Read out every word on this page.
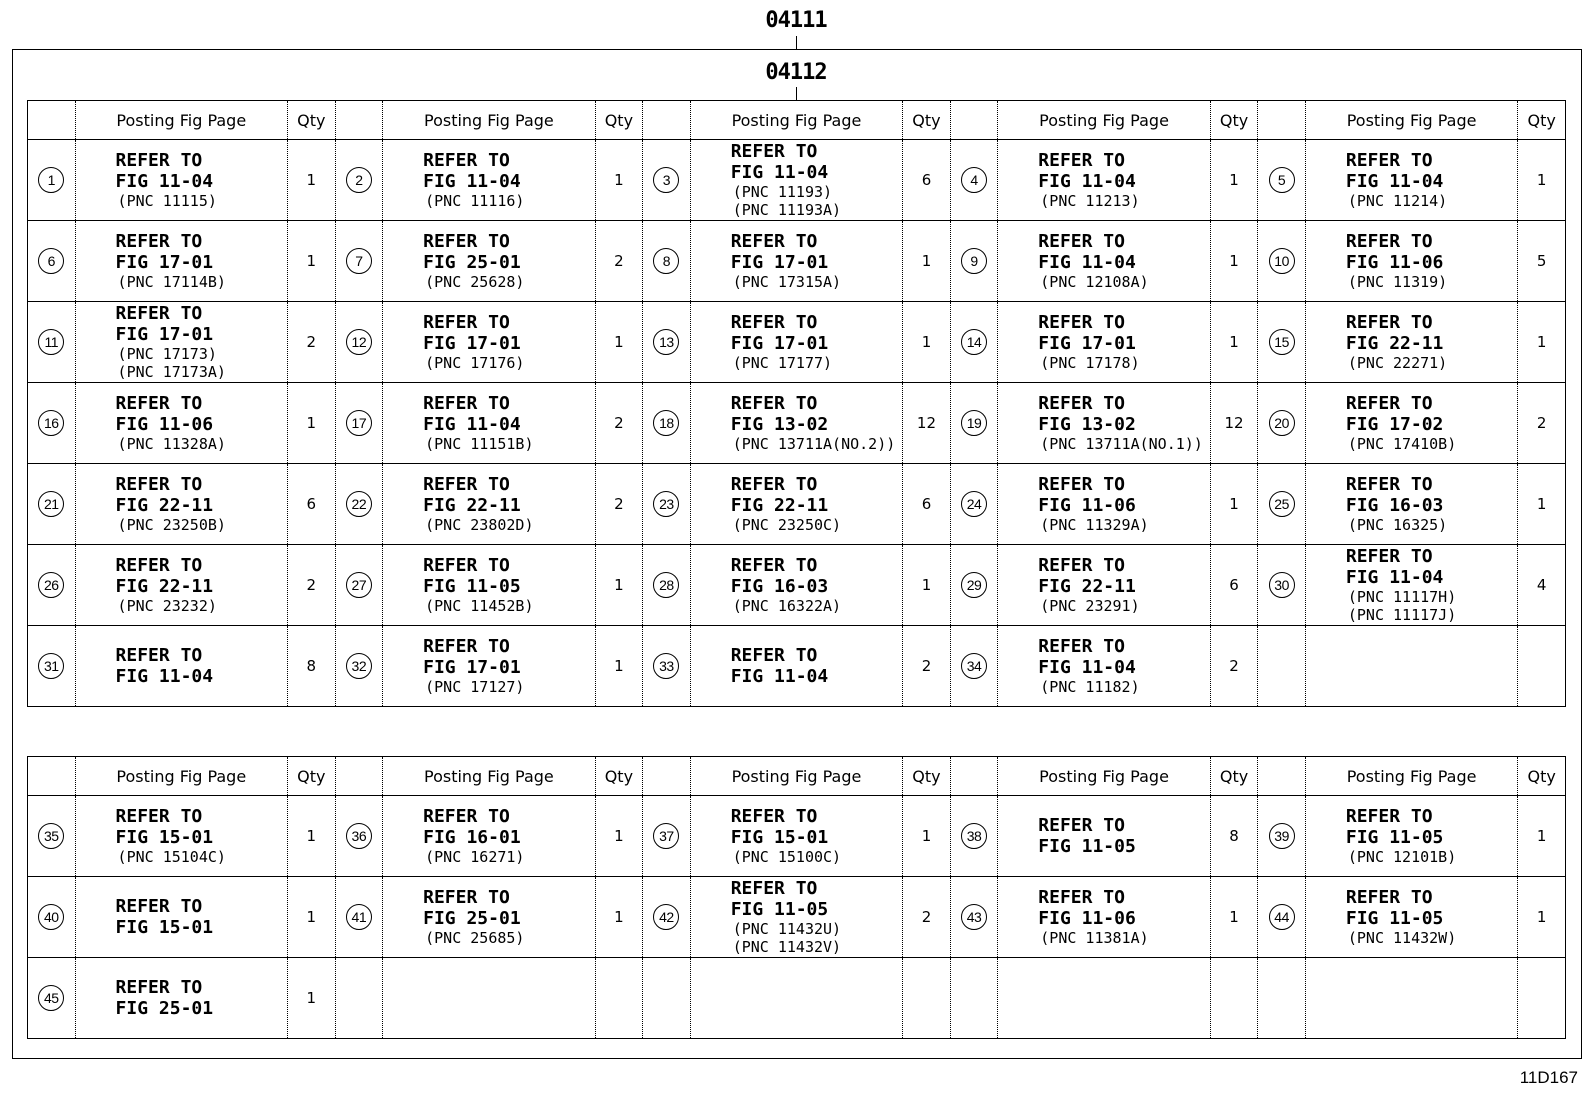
04111
04112
	Posting Fig Page	Qty		Posting Fig Page	Qty		Posting Fig Page	Qty		Posting Fig Page	Qty		Posting Fig Page	Qty
1	REFER TO
FIG 11-04
(PNC 11115)	1	2	REFER TO
FIG 11-04
(PNC 11116)	1	3	REFER TO
FIG 11-04
(PNC 11193)
(PNC 11193A)	6	4	REFER TO
FIG 11-04
(PNC 11213)	1	5	REFER TO
FIG 11-04
(PNC 11214)	1
6	REFER TO
FIG 17-01
(PNC 17114B)	1	7	REFER TO
FIG 25-01
(PNC 25628)	2	8	REFER TO
FIG 17-01
(PNC 17315A)	1	9	REFER TO
FIG 11-04
(PNC 12108A)	1	10	REFER TO
FIG 11-06
(PNC 11319)	5
11	REFER TO
FIG 17-01
(PNC 17173)
(PNC 17173A)	2	12	REFER TO
FIG 17-01
(PNC 17176)	1	13	REFER TO
FIG 17-01
(PNC 17177)	1	14	REFER TO
FIG 17-01
(PNC 17178)	1	15	REFER TO
FIG 22-11
(PNC 22271)	1
16	REFER TO
FIG 11-06
(PNC 11328A)	1	17	REFER TO
FIG 11-04
(PNC 11151B)	2	18	REFER TO
FIG 13-02
(PNC 13711A(NO.2))	12	19	REFER TO
FIG 13-02
(PNC 13711A(NO.1))	12	20	REFER TO
FIG 17-02
(PNC 17410B)	2
21	REFER TO
FIG 22-11
(PNC 23250B)	6	22	REFER TO
FIG 22-11
(PNC 23802D)	2	23	REFER TO
FIG 22-11
(PNC 23250C)	6	24	REFER TO
FIG 11-06
(PNC 11329A)	1	25	REFER TO
FIG 16-03
(PNC 16325)	1
26	REFER TO
FIG 22-11
(PNC 23232)	2	27	REFER TO
FIG 11-05
(PNC 11452B)	1	28	REFER TO
FIG 16-03
(PNC 16322A)	1	29	REFER TO
FIG 22-11
(PNC 23291)	6	30	REFER TO
FIG 11-04
(PNC 11117H)
(PNC 11117J)	4
31	REFER TO
FIG 11-04	8	32	REFER TO
FIG 17-01
(PNC 17127)	1	33	REFER TO
FIG 11-04	2	34	REFER TO
FIG 11-04
(PNC 11182)	2			
	Posting Fig Page	Qty		Posting Fig Page	Qty		Posting Fig Page	Qty		Posting Fig Page	Qty		Posting Fig Page	Qty
35	REFER TO
FIG 15-01
(PNC 15104C)	1	36	REFER TO
FIG 16-01
(PNC 16271)	1	37	REFER TO
FIG 15-01
(PNC 15100C)	1	38	REFER TO
FIG 11-05	8	39	REFER TO
FIG 11-05
(PNC 12101B)	1
40	REFER TO
FIG 15-01	1	41	REFER TO
FIG 25-01
(PNC 25685)	1	42	REFER TO
FIG 11-05
(PNC 11432U)
(PNC 11432V)	2	43	REFER TO
FIG 11-06
(PNC 11381A)	1	44	REFER TO
FIG 11-05
(PNC 11432W)	1
45	REFER TO
FIG 25-01	1												
11D167
